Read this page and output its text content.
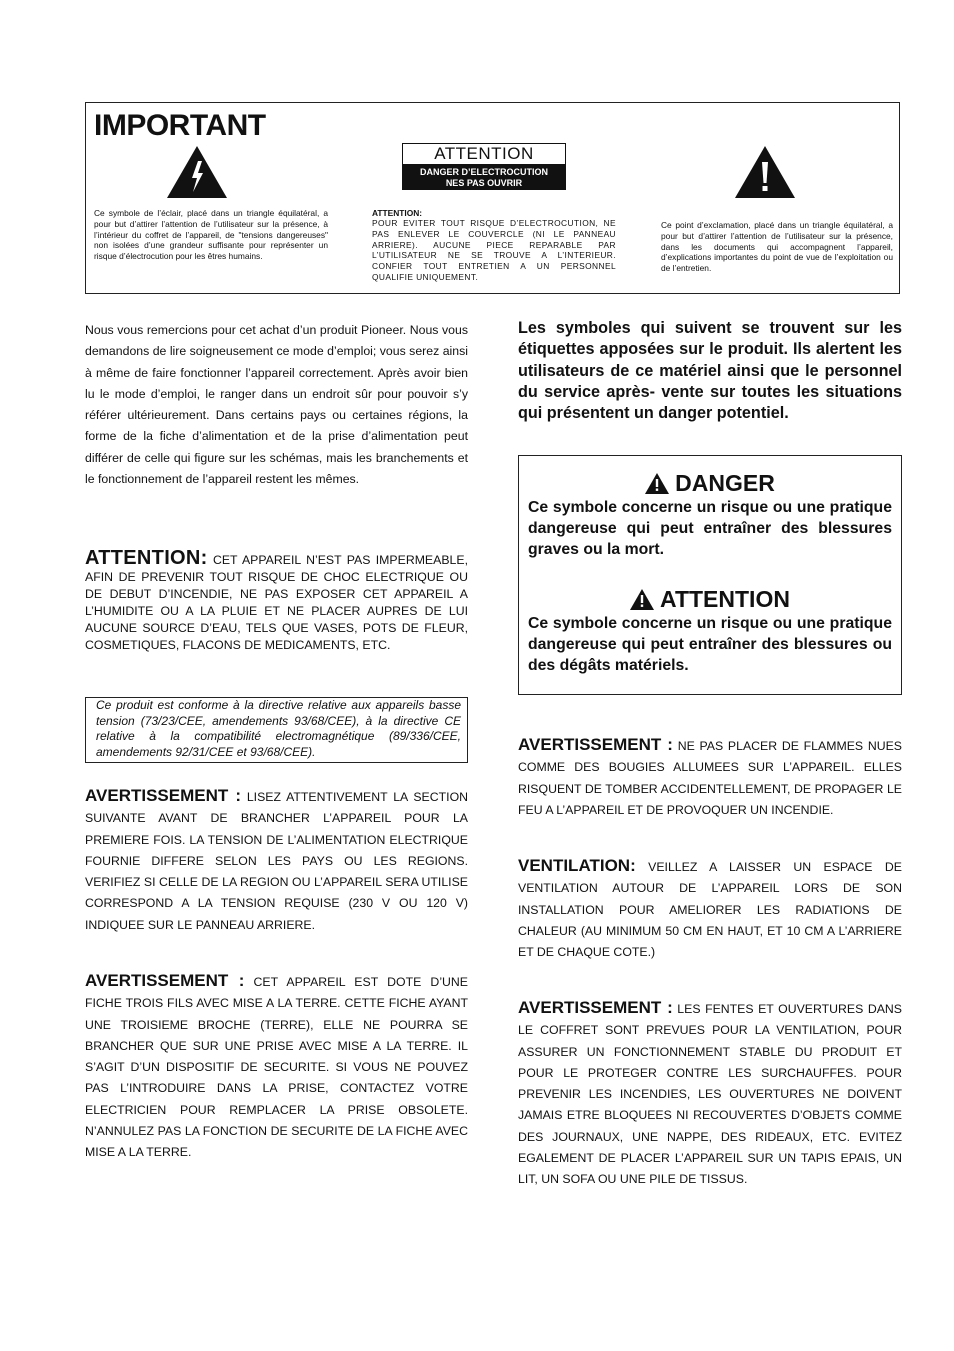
IMPORTANT
Ce symbole de l’éclair, placé dans un triangle équilatéral, a pour but d’attirer l’attention de l’utilisateur sur la présence, à l’intérieur du coffret de l’appareil, de "tensions dangereuses" non isolées d’une grandeur suffisante pour représenter un risque d’électrocution pour les êtres humains.
ATTENTION
DANGER D’ELECTROCUTION
NES PAS OUVRIR
ATTENTION:
POUR EVITER TOUT RISQUE D’ELECTROCUTION, NE PAS ENLEVER LE COUVERCLE (NI LE PANNEAU ARRIERE). AUCUNE PIECE REPARABLE PAR L’UTILISATEUR NE SE TROUVE A L’INTERIEUR. CONFIER TOUT ENTRETIEN A UN PERSONNEL QUALIFIE UNIQUEMENT.
Ce point d’exclamation, placé dans un triangle équilatéral, a pour but d’attirer l’attention de l’utilisateur sur la présence, dans les documents qui accompagnent l’appareil, d’explications importantes du point de vue de l’exploitation ou de l’entretien.
Nous vous remercions pour cet achat d’un produit Pioneer. Nous vous demandons de lire soigneusement ce mode d’emploi; vous serez ainsi à même de faire fonctionner l’appareil correctement. Après avoir bien lu le mode d’emploi, le ranger dans un endroit sûr pour pouvoir s’y référer ultérieurement. Dans certains pays ou certaines régions, la forme de la fiche d’alimentation et de la prise d’alimentation peut différer de celle qui figure sur les schémas, mais les branchements et le fonctionnement de l’appareil restent les mêmes.
ATTENTION: CET APPAREIL N’EST PAS IMPERMEABLE, AFIN DE PREVENIR TOUT RISQUE DE CHOC ELECTRIQUE OU DE DEBUT D’INCENDIE, NE PAS EXPOSER CET APPAREIL A L’HUMIDITE OU A LA PLUIE ET NE PLACER AUPRES DE LUI AUCUNE SOURCE D’EAU, TELS QUE VASES, POTS DE FLEUR, COSMETIQUES, FLACONS DE MEDICAMENTS, ETC.
Ce produit est conforme à la directive relative aux appareils basse tension (73/23/CEE, amendements 93/68/CEE), à la directive CE relative à la compatibilité electromagnétique (89/336/CEE, amendements 92/31/CEE et 93/68/CEE).
AVERTISSEMENT : LISEZ ATTENTIVEMENT LA SECTION SUIVANTE AVANT DE BRANCHER L’APPAREIL POUR LA PREMIERE FOIS. LA TENSION DE L’ALIMENTATION ELECTRIQUE FOURNIE DIFFERE SELON LES PAYS OU LES REGIONS. VERIFIEZ SI CELLE DE LA REGION OU L’APPAREIL SERA UTILISE CORRESPOND A LA TENSION REQUISE (230 V OU 120 V) INDIQUEE SUR LE PANNEAU ARRIERE.
AVERTISSEMENT : CET APPAREIL EST DOTE D’UNE FICHE TROIS FILS AVEC MISE A LA TERRE. CETTE FICHE AYANT UNE TROISIEME BROCHE (TERRE), ELLE NE POURRA SE BRANCHER QUE SUR UNE PRISE AVEC MISE A LA TERRE. IL S’AGIT D’UN DISPOSITIF DE SECURITE. SI VOUS NE POUVEZ PAS L’INTRODUIRE DANS LA PRISE, CONTACTEZ VOTRE ELECTRICIEN POUR REMPLACER LA PRISE OBSOLETE. N’ANNULEZ PAS LA FONCTION DE SECURITE DE LA FICHE AVEC MISE A LA TERRE.
Les symboles qui suivent se trouvent sur les étiquettes apposées sur le produit. Ils alertent les utilisateurs de ce matériel ainsi que le personnel du service après- vente sur toutes les situations qui présentent un danger potentiel.
DANGER
Ce symbole concerne un risque ou une pratique dangereuse qui peut entraîner des blessures graves ou la mort.
ATTENTION
Ce symbole concerne un risque ou une pratique dangereuse qui peut entraîner des blessures ou des dégâts matériels.
AVERTISSEMENT : NE PAS PLACER DE FLAMMES NUES COMME DES BOUGIES ALLUMEES SUR L’APPAREIL. ELLES RISQUENT DE TOMBER ACCIDENTELLEMENT, DE PROPAGER LE FEU A L’APPAREIL ET DE PROVOQUER UN INCENDIE.
VENTILATION: VEILLEZ A LAISSER UN ESPACE DE VENTILATION AUTOUR DE L’APPAREIL LORS DE SON INSTALLATION POUR AMELIORER LES RADIATIONS DE CHALEUR (AU MINIMUM 50 CM EN HAUT, ET 10 CM A L’ARRIERE ET DE CHAQUE COTE.)
AVERTISSEMENT : LES FENTES ET OUVERTURES DANS LE COFFRET SONT PREVUES POUR LA VENTILATION, POUR ASSURER UN FONCTIONNEMENT STABLE DU PRODUIT ET POUR LE PROTEGER CONTRE LES SURCHAUFFES. POUR PREVENIR LES INCENDIES, LES OUVERTURES NE DOIVENT JAMAIS ETRE BLOQUEES NI RECOUVERTES D’OBJETS COMME DES JOURNAUX, UNE NAPPE, DES RIDEAUX, ETC. EVITEZ EGALEMENT DE PLACER L’APPAREIL SUR UN TAPIS EPAIS, UN LIT, UN SOFA OU UNE PILE DE TISSUS.
